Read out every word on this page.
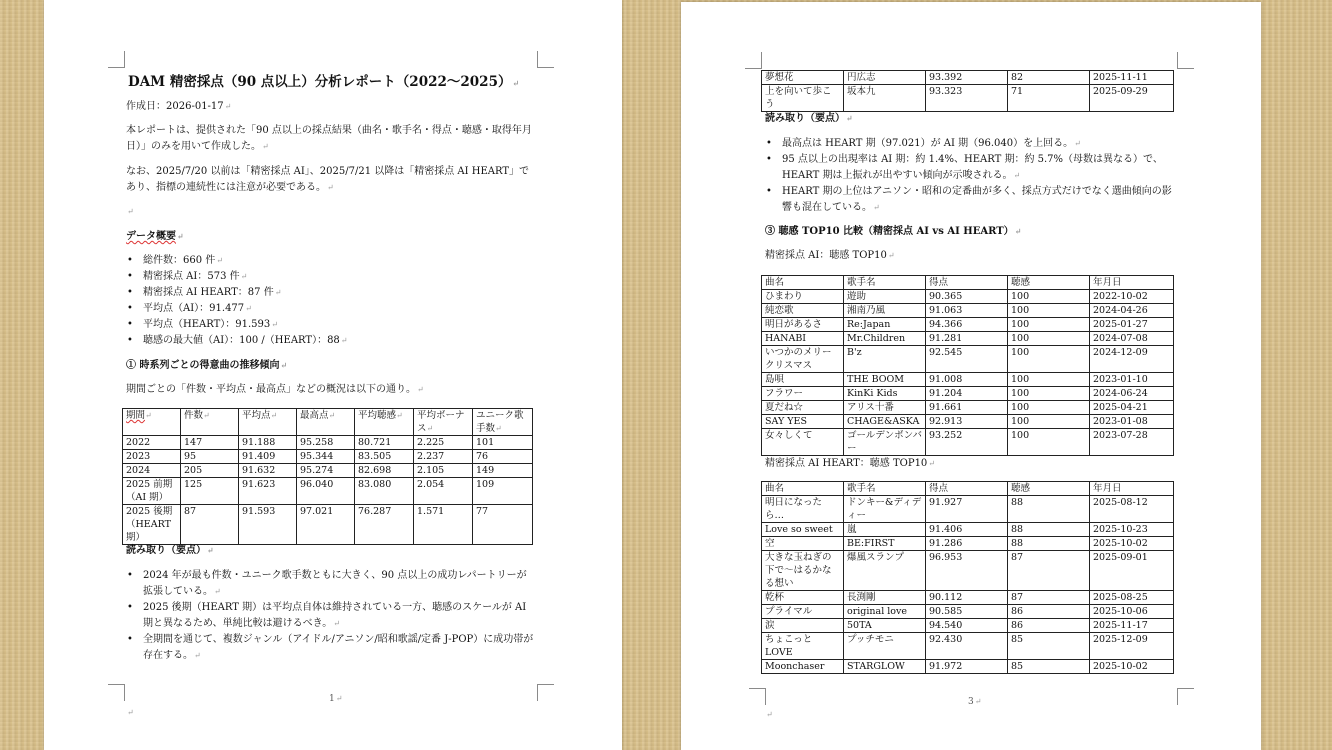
DAM 精密採点（90 点以上）分析レポート（2022〜2025）↵
作成日：2026-01-17↵
本レポートは、提供された「90 点以上の採点結果（曲名・歌手名・得点・聴感・取得年月日）」のみを用いて作成した。↵
なお、2025/7/20 以前は「精密採点 AI」、2025/7/21 以降は「精密採点 AI HEART」であり、指標の連続性には注意が必要である。↵
↵
データ概要↵
• 総件数：660 件↵
• 精密採点 AI：573 件↵
• 精密採点 AI HEART：87 件↵
• 平均点（AI）：91.477↵
• 平均点（HEART）：91.593↵
• 聴感の最大値（AI）：100 /（HEART）：88↵
① 時系列ごとの得意曲の推移傾向↵
期間ごとの「件数・平均点・最高点」などの概況は以下の通り。↵
期間↵	件数↵	平均点↵	最高点↵	平均聴感↵	平均ボーナス↵	ユニーク歌手数↵
2022	147	91.188	95.258	80.721	2.225	101
2023	95	91.409	95.344	83.505	2.237	76
2024	205	91.632	95.274	82.698	2.105	149
2025 前期（AI 期）	125	91.623	96.040	83.080	2.054	109
2025 後期（HEART 期）	87	91.593	97.021	76.287	1.571	77
読み取り（要点）↵
• 2024 年が最も件数・ユニーク歌手数ともに大きく、90 点以上の成功レパートリーが拡張している。↵
• 2025 後期（HEART 期）は平均点自体は維持されている一方、聴感のスケールが AI 期と異なるため、単純比較は避けるべき。↵
• 全期間を通じて、複数ジャンル（アイドル/アニソン/昭和歌謡/定番 J-POP）に成功帯が存在する。↵
1↵
↵
夢想花	円広志	93.392	82	2025-11-11
上を向いて歩こう	坂本九	93.323	71	2025-09-29
読み取り（要点）↵
• 最高点は HEART 期（97.021）が AI 期（96.040）を上回る。↵
• 95 点以上の出現率は AI 期：約 1.4%、HEART 期：約 5.7%（母数は異なる）で、HEART 期は上振れが出やすい傾向が示唆される。↵
• HEART 期の上位はアニソン・昭和の定番曲が多く、採点方式だけでなく選曲傾向の影響も混在している。↵
③ 聴感 TOP10 比較（精密採点 AI vs AI HEART）↵
精密採点 AI：聴感 TOP10↵
曲名	歌手名	得点	聴感	年月日
ひまわり	遊助	90.365	100	2022-10-02
純恋歌	湘南乃風	91.063	100	2024-04-26
明日があるさ	Re:Japan	94.366	100	2025-01-27
HANABI	Mr.Children	91.281	100	2024-07-08
いつかのメリークリスマス	B'z	92.545	100	2024-12-09
島唄	THE BOOM	91.008	100	2023-01-10
フラワー	KinKi Kids	91.204	100	2024-06-24
夏だね☆	アリス十番	91.661	100	2025-04-21
SAY YES	CHAGE&ASKA	92.913	100	2023-01-08
女々しくて	ゴールデンボンバー	93.252	100	2023-07-28
精密採点 AI HEART：聴感 TOP10↵
曲名	歌手名	得点	聴感	年月日
明日になったら…	ドンキー&ディディー	91.927	88	2025-08-12
Love so sweet	嵐	91.406	88	2025-10-23
空	BE:FIRST	91.286	88	2025-10-02
大きな玉ねぎの下で〜はるかなる想い	爆風スランプ	96.953	87	2025-09-01
乾杯	長渕剛	90.112	87	2025-08-25
プライマル	original love	90.585	86	2025-10-06
涙	50TA	94.540	86	2025-11-17
ちょこっとLOVE	プッチモニ	92.430	85	2025-12-09
Moonchaser	STARGLOW	91.972	85	2025-10-02
3↵
↵
